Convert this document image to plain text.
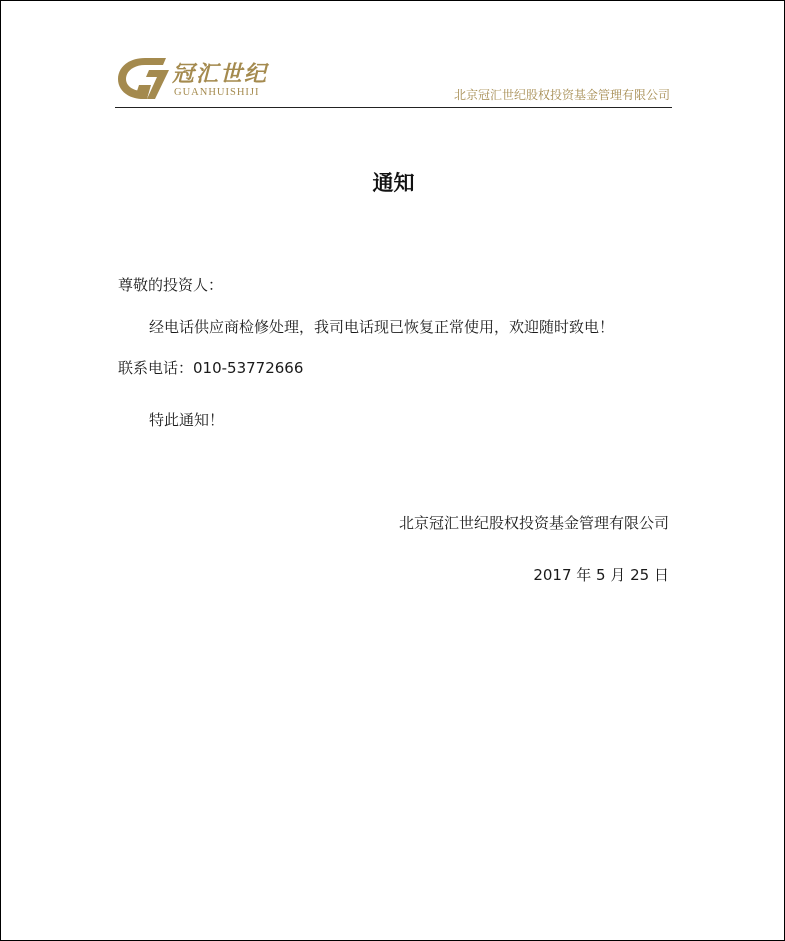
冠汇世纪
GUANHUISHIJI	北京冠汇世纪股权投资基金管理有限公司
通知
尊敬的投资人：
经电话供应商检修处理，我司电话现已恢复正常使用，欢迎随时致电！
联系电话：010-53772666
特此通知！
北京冠汇世纪股权投资基金管理有限公司
2017 年 5 月 25 日
